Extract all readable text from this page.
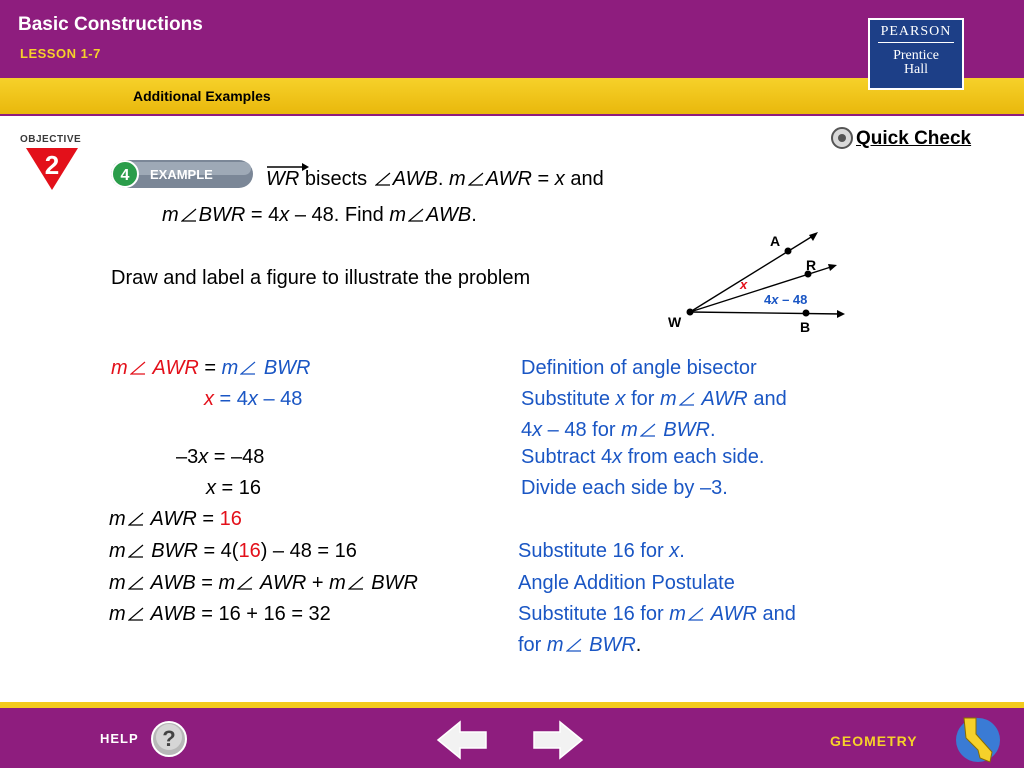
Basic Constructions
LESSON 1-7
Additional Examples
PEARSON
Prentice
Hall
OBJECTIVE
2	4 EXAMPLE
Quick Check
WR bisects
AWB. m AWR = x and
m BWR = 4x – 48. Find m AWB.
Draw and label a figure to illustrate the problem
A
R
W	B
x
4x – 48
m
AWR = m
BWR	Definition of angle bisector
x = 4x – 48	Substitute x for m
AWR and
4x – 48 for m
BWR.
–3x = –48	Subtract 4x from each side.
x = 16	Divide each side by –3.
m
AWR = 16
m
BWR = 4(16) – 48 = 16	Substitute 16 for x.
m
AWB = m
AWR + m
BWR	Angle Addition Postulate
m
AWB = 16 + 16 = 32	Substitute 16 for m
AWR and
for m
BWR.
HELP ?	GEOMETRY
